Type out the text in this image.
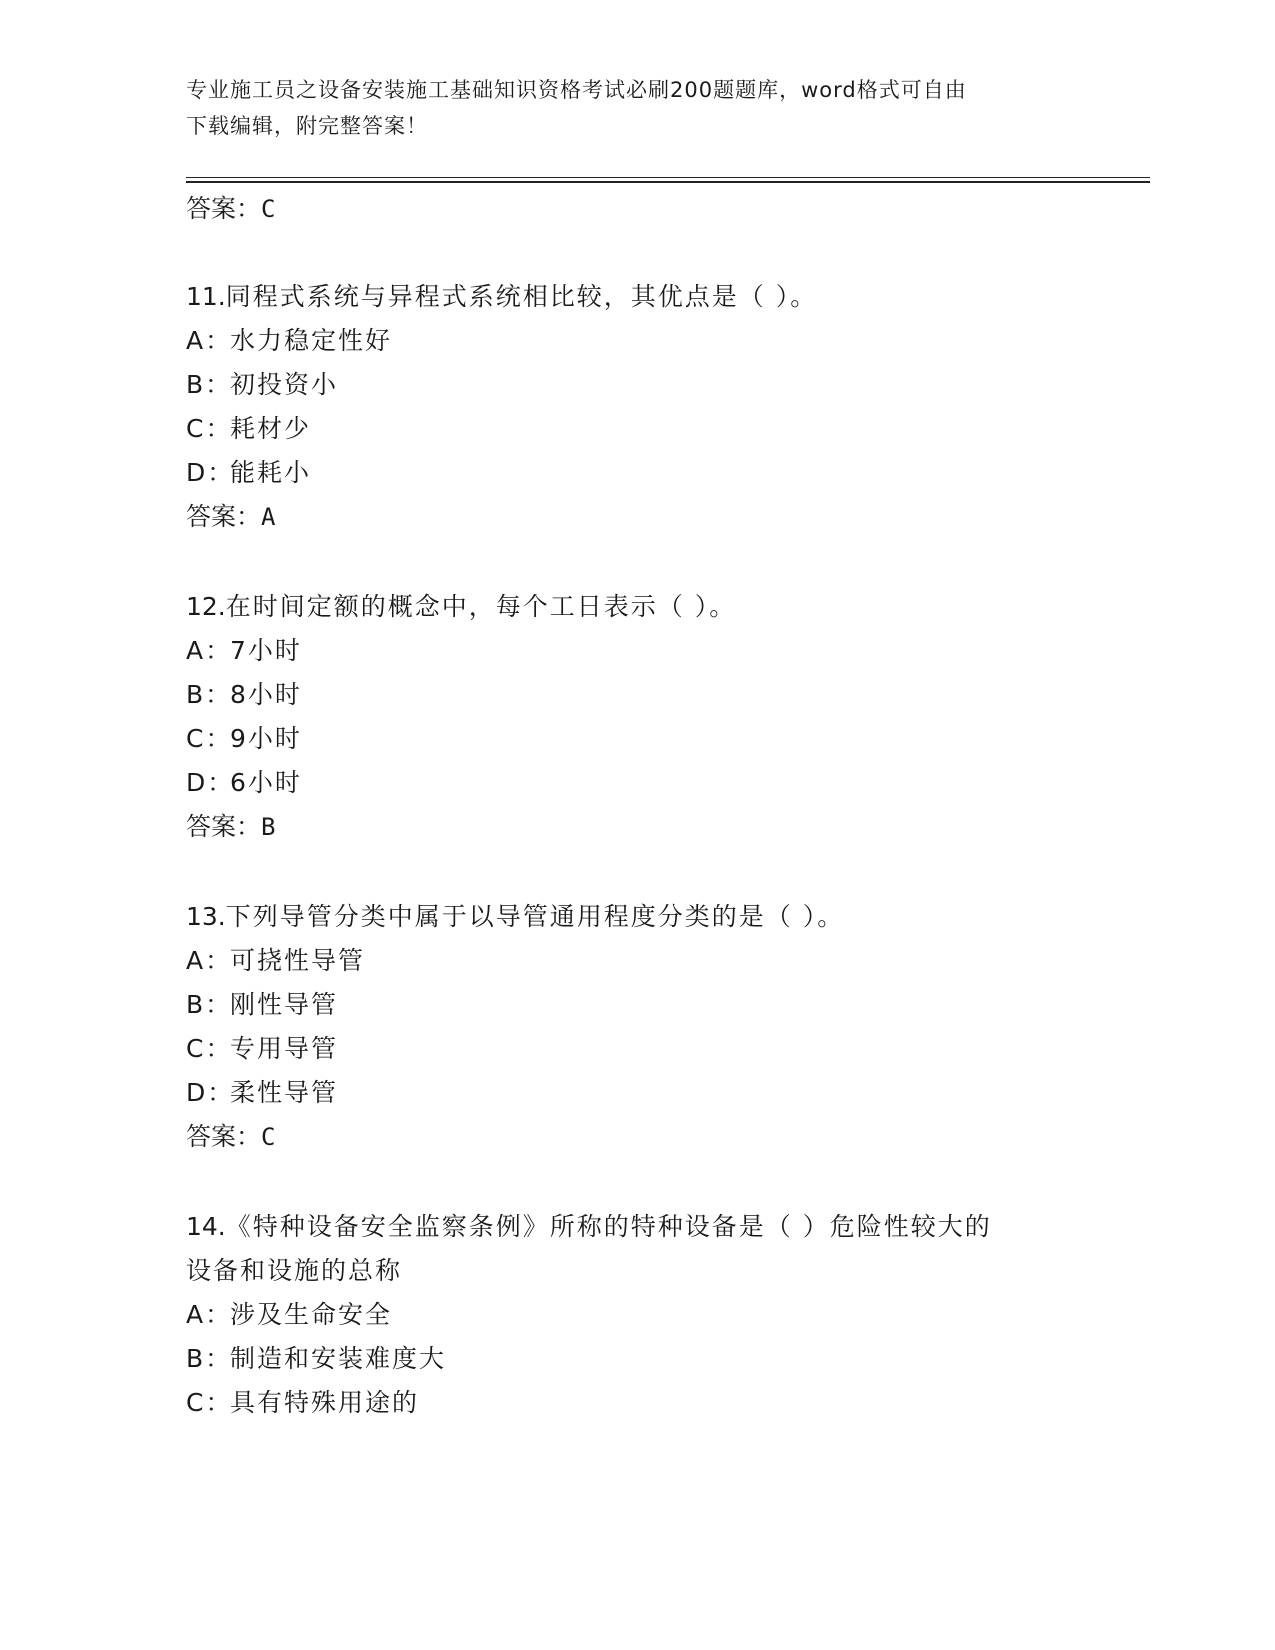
专业施工员之设备安装施工基础知识资格考试必刷200题题库，word格式可自由
下载编辑，附完整答案！
答案：C
11.同程式系统与异程式系统相比较，其优点是（ ）。
A：水力稳定性好
B：初投资小
C：耗材少
D：能耗小
答案：A
12.在时间定额的概念中，每个工日表示（ ）。
A：7小时
B：8小时
C：9小时
D：6小时
答案：B
13.下列导管分类中属于以导管通用程度分类的是（ ）。
A：可挠性导管
B：刚性导管
C：专用导管
D：柔性导管
答案：C
14.《特种设备安全监察条例》所称的特种设备是（ ）危险性较大的
设备和设施的总称
A：涉及生命安全
B：制造和安装难度大
C：具有特殊用途的
